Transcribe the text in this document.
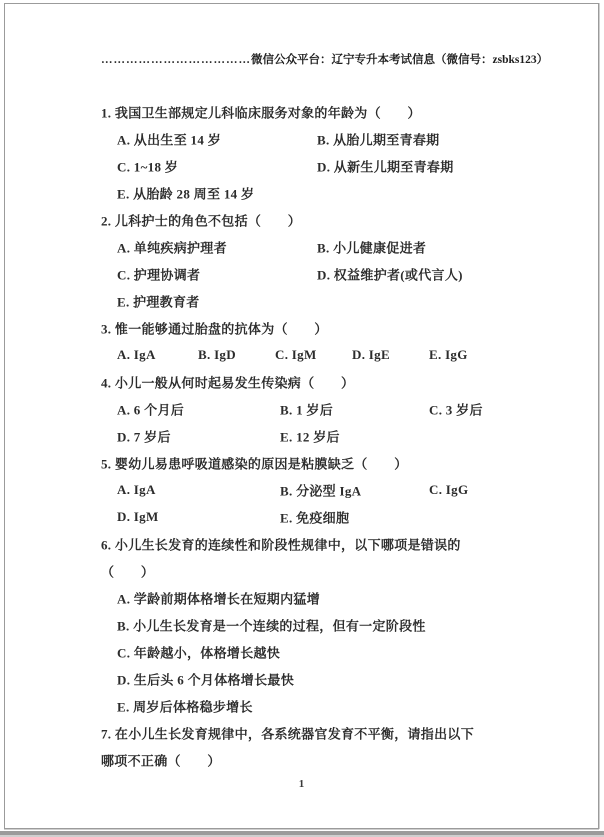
………………………………微信公众平台：辽宁专升本考试信息（微信号：zsbks123）
1. 我国卫生部规定儿科临床服务对象的年龄为（　　）
A. 从出生至 14 岁	B. 从胎儿期至青春期
C. 1~18 岁	D. 从新生儿期至青春期
E. 从胎龄 28 周至 14 岁
2. 儿科护士的角色不包括（　　）
A. 单纯疾病护理者	B. 小儿健康促进者
C. 护理协调者	D. 权益维护者(或代言人)
E. 护理教育者
3. 惟一能够通过胎盘的抗体为（　　）
A. IgA	B. IgD	C. IgM	D. IgE	E. IgG
4. 小儿一般从何时起易发生传染病（　　）
A. 6 个月后	B. 1 岁后	C. 3 岁后
D. 7 岁后	E. 12 岁后
5. 婴幼儿易患呼吸道感染的原因是粘膜缺乏（　　）
A. IgA	B. 分泌型 IgA	C. IgG
D. IgM	E. 免疫细胞
6. 小儿生长发育的连续性和阶段性规律中，以下哪项是错误的
（　　）
A. 学龄前期体格增长在短期内猛增
B. 小儿生长发育是一个连续的过程，但有一定阶段性
C. 年龄越小，体格增长越快
D. 生后头 6 个月体格增长最快
E. 周岁后体格稳步增长
7. 在小儿生长发育规律中，各系统器官发育不平衡，请指出以下
哪项不正确（　　）
1
